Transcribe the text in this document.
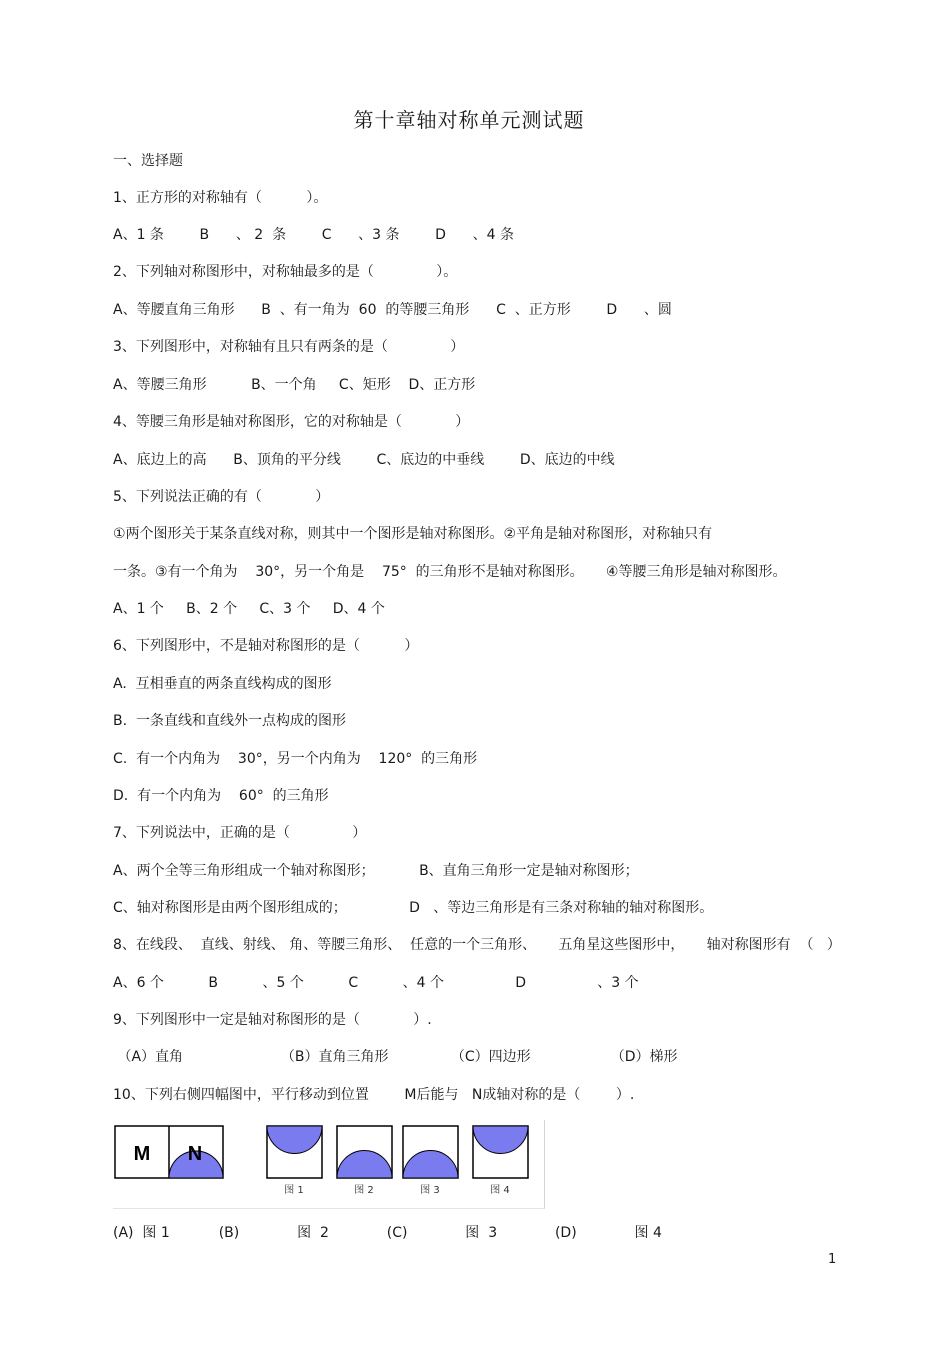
第十章轴对称单元测试题
一、选择题
1、正方形的对称轴有（          ）。
A、1 条        B      、 2  条        C      、3 条        D      、4 条
2、下列轴对称图形中，对称轴最多的是（              ）。
A、等腰直角三角形      B  、有一角为  60  的等腰三角形      C  、正方形        D      、圆
3、下列图形中，对称轴有且只有两条的是（              ）
A、等腰三角形          B、一个角     C、矩形    D、正方形
4、等腰三角形是轴对称图形，它的对称轴是（            ）
A、底边上的高      B、顶角的平分线        C、底边的中垂线        D、底边的中线
5、下列说法正确的有（            ）
①两个图形关于某条直线对称，则其中一个图形是轴对称图形。②平角是轴对称图形，对称轴只有
一条。③有一个角为    30°，另一个角是    75°  的三角形不是轴对称图形。     ④等腰三角形是轴对称图形。
A、1 个     B、2 个     C、3 个     D、4 个
6、下列图形中，不是轴对称图形的是（          ）
A.  互相垂直的两条直线构成的图形
B.  一条直线和直线外一点构成的图形
C.  有一个内角为    30°，另一个内角为    120°  的三角形
D.  有一个内角为    60°  的三角形
7、下列说法中，正确的是（              ）
A、两个全等三角形组成一个轴对称图形；          B、直角三角形一定是轴对称图形；
C、轴对称图形是由两个图形组成的；              D   、等边三角形是有三条对称轴的轴对称图形。
8、在线段、  直线、射线、 角、等腰三角形、  任意的一个三角形、     五角星这些图形中，     轴对称图形有  （   ）
A、6 个          B          、5 个          C          、4 个                D                、3 个
9、下列图形中一定是轴对称图形的是（            ）.
（A）直角                      （B）直角三角形              （C）四边形                  （D）梯形
10、下列右侧四幅图中，平行移动到位置        M后能与   N成轴对称的是（        ）.
M N
图 1	图 2	图 3	图 4
(A)  图 1           (B)             图  2             (C)             图  3             (D)             图 4
1
